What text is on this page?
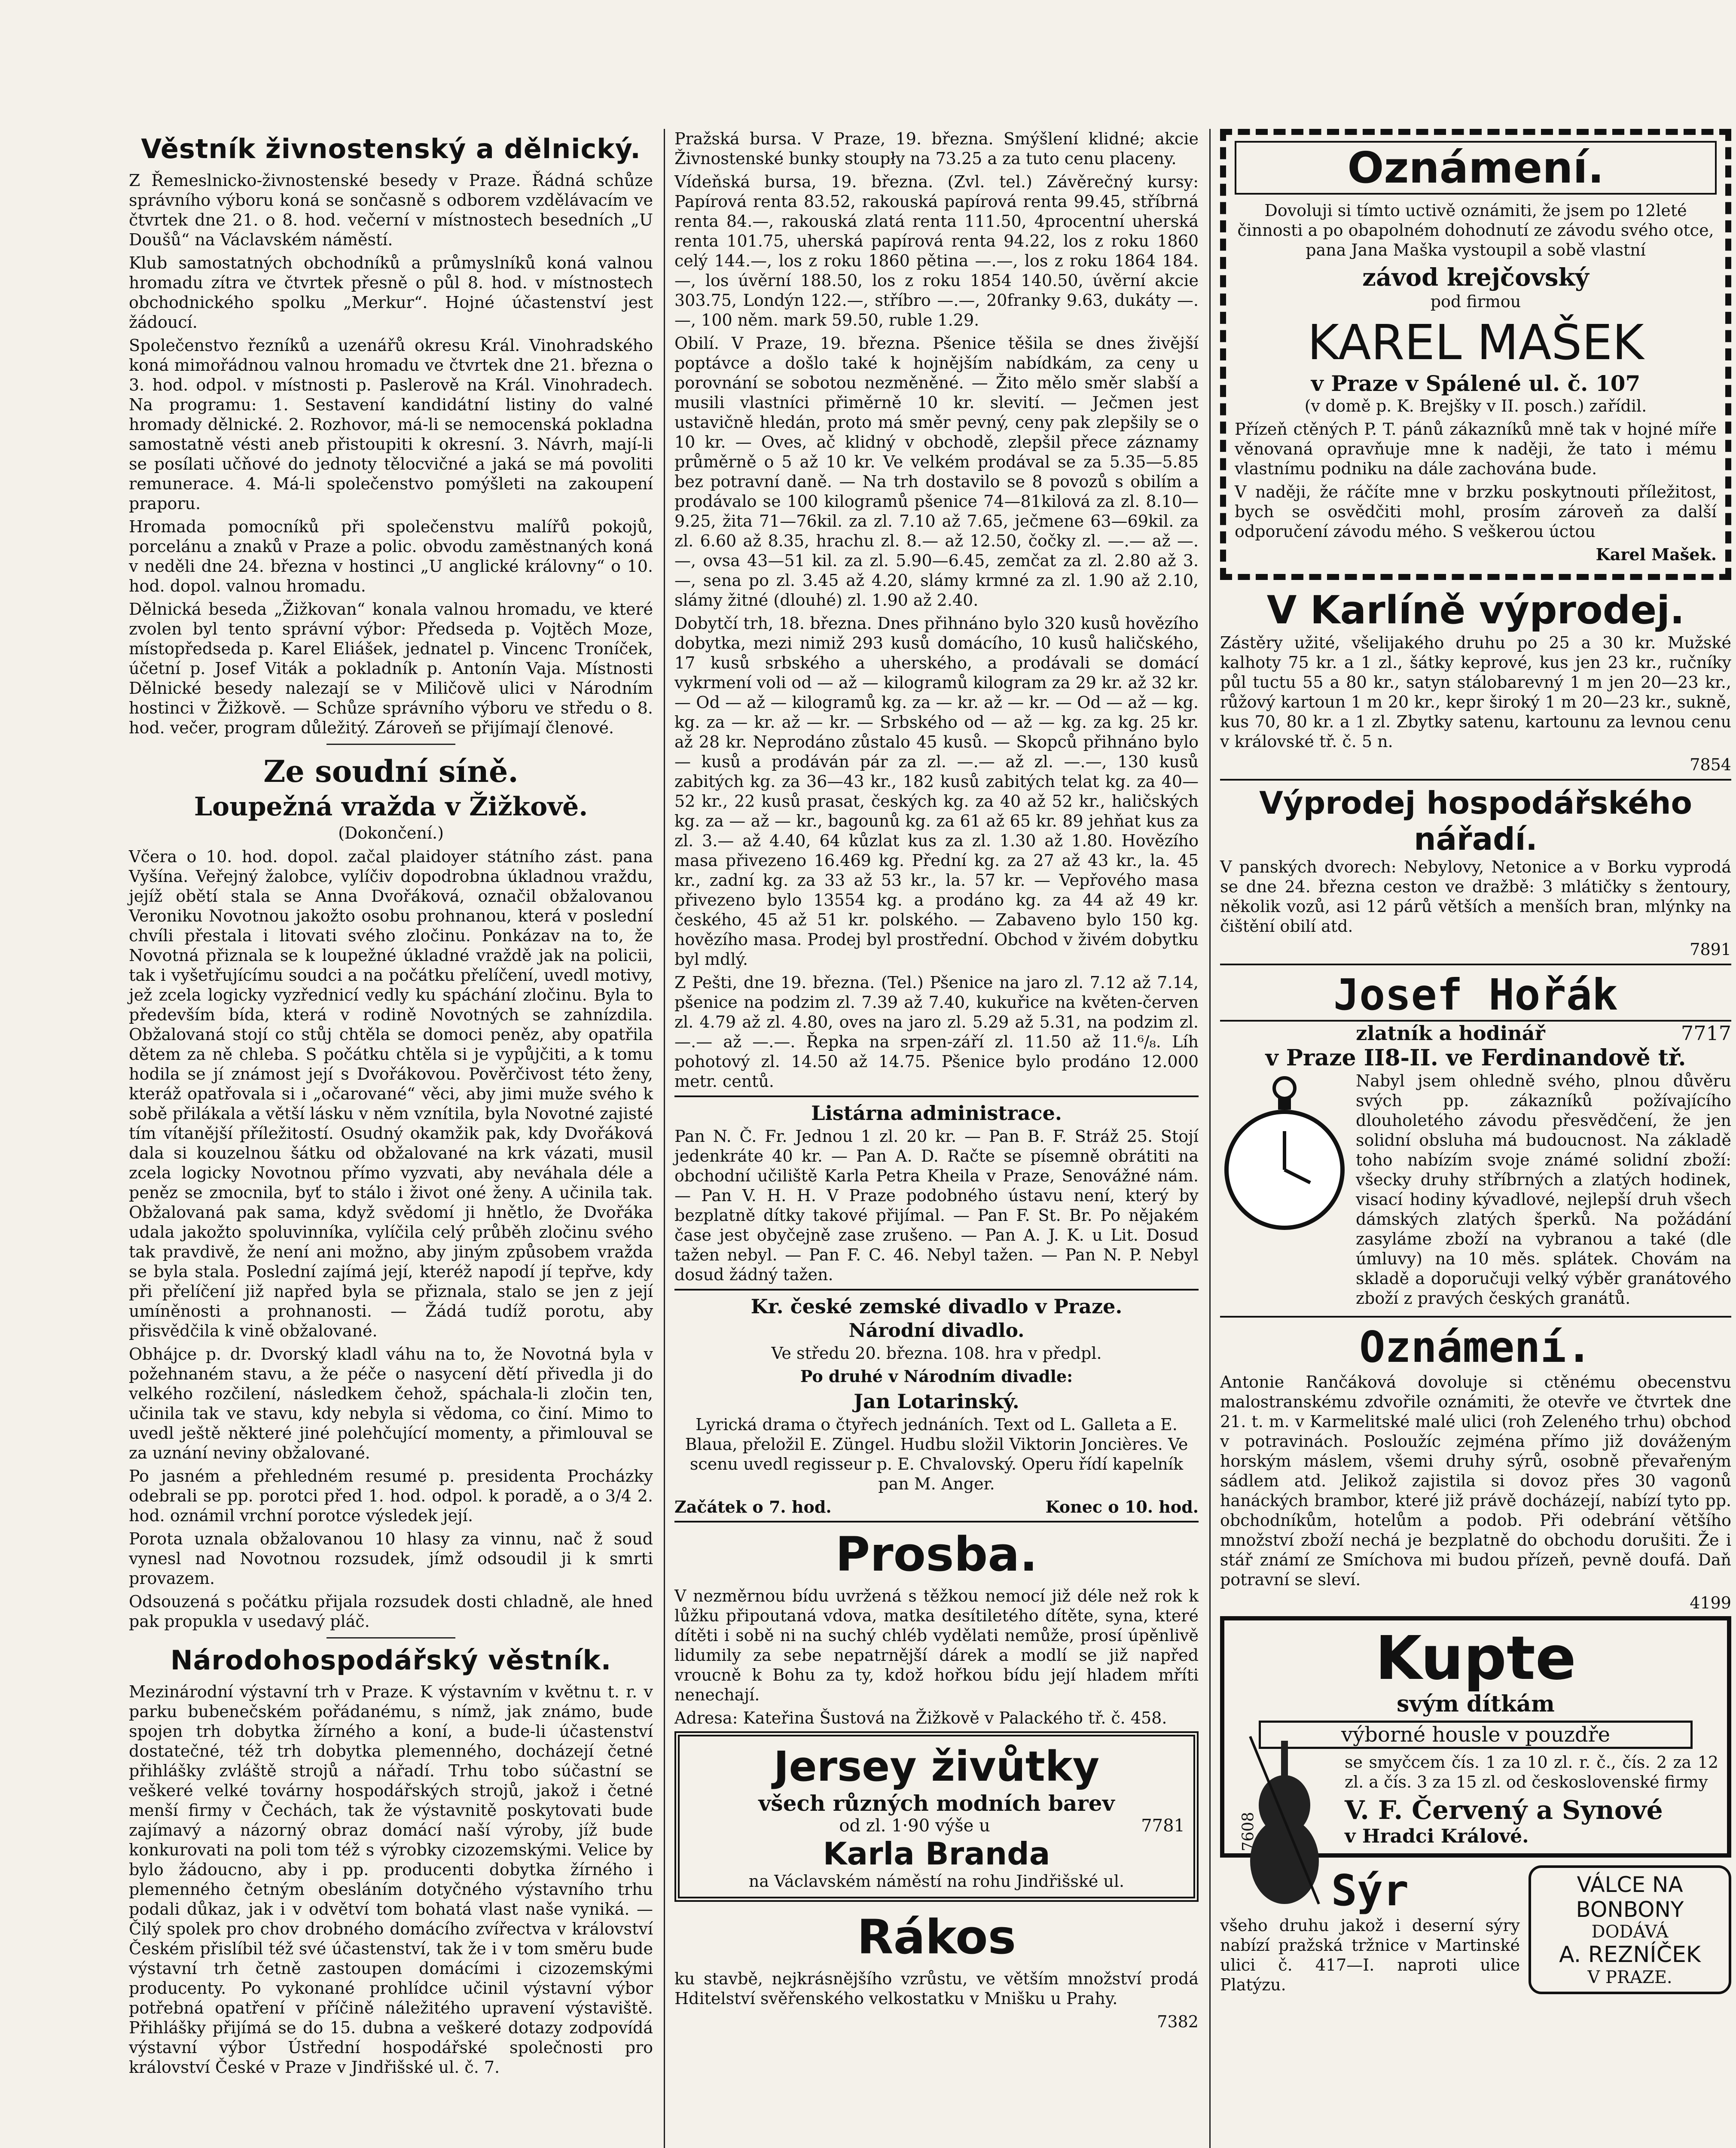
Věstník živnostenský a dělnický.

Z Řemeslnicko-živnostenské besedy v Praze. Řádná schůze správního výboru koná se sončasně s odborem vzdělávacím ve čtvrtek dne 21. o 8. hod. večerní v místnostech besedních „U Doušů“ na Václavském náměstí.

Klub samostatných obchodníků a průmyslníků koná valnou hromadu zítra ve čtvrtek přesně o půl 8. hod. v místnostech obchodnického spolku „Merkur“. Hojné účastenství jest žádoucí.

Společenstvo řezníků a uzenářů okresu Král. Vinohradského koná mimořádnou valnou hromadu ve čtvrtek dne 21. března o 3. hod. odpol. v místnosti p. Paslerově na Král. Vinohradech. Na programu: 1. Sestavení kandidátní listiny do valné hromady dělnické. 2. Rozhovor, má-li se nemocenská pokladna samostatně vésti aneb přistoupiti k okresní. 3. Návrh, mají-li se posílati učňové do jednoty tělocvičné a jaká se má povoliti remunerace. 4. Má-li společenstvo pomýšleti na zakoupení praporu.

Hromada pomocníků při společenstvu malířů pokojů, porcelánu a znaků v Praze a polic. obvodu zaměstnaných koná v neděli dne 24. března v hostinci „U anglické královny“ o 10. hod. dopol. valnou hromadu.

Dělnická beseda „Žižkovan“ konala valnou hromadu, ve které zvolen byl tento správní výbor: Předseda p. Vojtěch Moze, místopředseda p. Karel Eliášek, jednatel p. Vincenc Troníček, účetní p. Josef Viták a pokladník p. Antonín Vaja. Místnosti Dělnické besedy nalezají se v Miličově ulici v Národním hostinci v Žižkově. — Schůze správního výboru ve středu o 8. hod. večer, program důležitý. Zároveň se přijímají členové.

Ze soudní síně.
Loupežná vražda v Žižkově.
(Dokončení.)

Včera o 10. hod. dopol. začal plaidoyer státního zást. pana Vyšína. Veřejný žalobce, vylíčiv dopodrobna úkladnou vraždu, jejíž obětí stala se Anna Dvořáková, označil obžalovanou Veroniku Novotnou jakožto osobu prohnanou, která v poslední chvíli přestala i litovati svého zločinu. Ponkázav na to, že Novotná přiznala se k loupežné úkladné vraždě jak na policii, tak i vyšetřujícímu soudci a na počátku přelíčení, uvedl motivy, jež zcela logicky vyzřednicí vedly ku spáchání zločinu. Byla to především bída, která v rodině Novotných se zahnízdila. Obžalovaná stojí co stůj chtěla se domoci peněz, aby opatřila dětem za ně chleba. S počátku chtěla si je vypůjčiti, a k tomu hodila se jí známost její s Dvořákovou. Pověrčivost této ženy, kteráž opatřovala si i „očarované“ věci, aby jimi muže svého k sobě přilákala a větší lásku v něm vznítila, byla Novotné zajisté tím vítanější příležitostí. Osudný okamžik pak, kdy Dvořáková dala si kouzelnou šátku od obžalované na krk vázati, musil zcela logicky Novotnou přímo vyzvati, aby neváhala déle a peněz se zmocnila, byť to stálo i život oné ženy. A učinila tak. Obžalovaná pak sama, když svědomí ji hnětlo, že Dvořáka udala jakožto spoluvinníka, vylíčila celý průběh zločinu svého tak pravdivě, že není ani možno, aby jiným způsobem vražda se byla stala. Poslední zajímá její, kteréž napodí jí tepřve, kdy při přelíčení již napřed byla se přiznala, stalo se jen z její umíněnosti a prohnanosti. — Žádá tudíž porotu, aby přisvědčila k vině obžalované.

Obhájce p. dr. Dvorský kladl váhu na to, že Novotná byla v požehnaném stavu, a že péče o nasycení dětí přivedla ji do velkého rozčilení, následkem čehož, spáchala-li zločin ten, učinila tak ve stavu, kdy nebyla si vědoma, co činí. Mimo to uvedl ještě některé jiné polehčující momenty, a přimlouval se za uznání neviny obžalované.

Po jasném a přehledném resumé p. presidenta Procházky odebrali se pp. porotci před 1. hod. odpol. k poradě, a o 3/4 2. hod. oznámil vrchní porotce výsledek její.

Porota uznala obžalovanou 10 hlasy za vinnu, nač ž soud vynesl nad Novotnou rozsudek, jímž odsoudil ji k smrti provazem.

Odsouzená s počátku přijala rozsudek dosti chladně, ale hned pak propukla v usedavý pláč.

Národohospodářský věstník.

Mezinárodní výstavní trh v Praze. K výstavním v květnu t. r. v parku bubenečském pořádanému, s nímž, jak známo, bude spojen trh dobytka žírného a koní, a bude-li účastenství dostatečné, též trh dobytka plemenného, docházejí četné přihlášky zvláště strojů a nářadí. Trhu tobo súčastní se veškeré velké továrny hospodářských strojů, jakož i četné menší firmy v Čechách, tak že výstavnitě poskytovati bude zajímavý a názorný obraz domácí naší výroby, jíž bude konkurovati na poli tom též s výrobky cizozemskými. Velice by bylo žádoucno, aby i pp. producenti dobytka žírného i plemenného četným obesláním dotyčného výstavního trhu podali důkaz, jak i v odvětví tom bohatá vlast naše vyniká. — Čilý spolek pro chov drobného domácího zvířectva v království Českém přislíbil též své účastenství, tak že i v tom směru bude výstavní trh četně zastoupen domácími i cizozemskými producenty. Po vykonané prohlídce učinil výstavní výbor potřebná opatření v příčině náležitého upravení výstaviště. Přihlášky přijímá se do 15. dubna a veškeré dotazy zodpovídá výstavní výbor Ústřední hospodářské společnosti pro království České v Praze v Jindřišské ul. č. 7.

Pražská bursa. V Praze, 19. března. Smýšlení klidné; akcie Živnostenské bunky stoupły na 73.25 a za tuto cenu placeny.

Vídeňská bursa, 19. března. (Zvl. tel.) Závěrečný kursy: Papírová renta 83.52, rakouská papírová renta 99.45, stříbrná renta 84.—, rakouská zlatá renta 111.50, 4procentní uherská renta 101.75, uherská papírová renta 94.22, los z roku 1860 celý 144.—, los z roku 1860 pětina —.—, los z roku 1864 184.—, los úvěrní 188.50, los z roku 1854 140.50, úvěrní akcie 303.75, Londýn 122.—, stříbro —.—, 20franky 9.63, dukáty —.—, 100 něm. mark 59.50, ruble 1.29.

Obilí. V Praze, 19. března. Pšenice těšila se dnes živější poptávce a došlo také k hojnějším nabídkám, za ceny u porovnání se sobotou nezměněné. — Žito mělo směr slabší a musili vlastníci přiměrně 10 kr. slevití. — Ječmen jest ustavičně hledán, proto má směr pevný, ceny pak zlepšily se o 10 kr. — Oves, ač klidný v obchodě, zlepšil přece záznamy průměrně o 5 až 10 kr. Ve velkém prodával se za 5.35—5.85 bez potravní daně. — Na trh dostavilo se 8 povozů s obilím a prodávalo se 100 kilogramů pšenice 74—81kilová za zl. 8.10—9.25, žita 71—76kil. za zl. 7.10 až 7.65, ječmene 63—69kil. za zl. 6.60 až 8.35, hrachu zl. 8.— až 12.50, čočky zl. —.— až —.—, ovsa 43—51 kil. za zl. 5.90—6.45, zemčat za zl. 2.80 až 3.—, sena po zl. 3.45 až 4.20, slámy krmné za zl. 1.90 až 2.10, slámy žitné (dlouhé) zl. 1.90 až 2.40.

Dobytčí trh, 18. března. Dnes přihnáno bylo 320 kusů hovězího dobytka, mezi nimiž 293 kusů domácího, 10 kusů haličského, 17 kusů srbského a uherského, a prodávali se domácí vykrmení voli od — až — kilogramů kilogram za 29 kr. až 32 kr. — Od — až — kilogramů kg. za — kr. až — kr. — Od — až — kg. kg. za — kr. až — kr. — Srbského od — až — kg. za kg. 25 kr. až 28 kr. Neprodáno zůstalo 45 kusů. — Skopců přihnáno bylo — kusů a prodáván pár za zl. —.— až zl. —.—, 130 kusů zabitých kg. za 36—43 kr., 182 kusů zabitých telat kg. za 40—52 kr., 22 kusů prasat, českých kg. za 40 až 52 kr., haličských kg. za — až — kr., bagounů kg. za 61 až 65 kr. 89 jehňat kus za zl. 3.— až 4.40, 64 kůzlat kus za zl. 1.30 až 1.80. Hovězího masa přivezeno 16.469 kg. Přední kg. za 27 až 43 kr., la. 45 kr., zadní kg. za 33 až 53 kr., la. 57 kr. — Vepřového masa přivezeno bylo 13554 kg. a prodáno kg. za 44 až 49 kr. českého, 45 až 51 kr. polského. — Zabaveno bylo 150 kg. hovězího masa. Prodej byl prostřední. Obchod v živém dobytku byl mdlý.

Z Pešti, dne 19. března. (Tel.) Pšenice na jaro zl. 7.12 až 7.14, pšenice na podzim zl. 7.39 až 7.40, kukuřice na květen-červen zl. 4.79 až zl. 4.80, oves na jaro zl. 5.29 až 5.31, na podzim zl. —.— až —.—. Řepka na srpen-září zl. 11.50 až 11.⁶/₈. Líh pohotový zl. 14.50 až 14.75. Pšenice bylo prodáno 12.000 metr. centů.

Listárna administrace.

Pan N. Č. Fr. Jednou 1 zl. 20 kr. — Pan B. F. Stráž 25. Stojí jedenkráte 40 kr. — Pan A. D. Račte se písemně obrátiti na obchodní učiliště Karla Petra Kheila v Praze, Senovážné nám. — Pan V. H. H. V Praze podobného ústavu není, který by bezplatně dítky takové přijímal. — Pan F. St. Br. Po nějakém čase jest obyčejně zase zrušeno. — Pan A. J. K. u Lit. Dosud tažen nebyl. — Pan F. C. 46. Nebyl tažen. — Pan N. P. Nebyl dosud žádný tažen.

Kr. české zemské divadlo v Praze.
Národní divadlo.

Ve středu 20. března. 108. hra v předpl.

Po druhé v Národním divadle:

Jan Lotarinský.

Lyrická drama o čtyřech jednáních. Text od L. Galleta a E. Blaua, přeložil E. Züngel. Hudbu složil Viktorin Joncières. Ve scenu uvedl regisseur p. E. Chvalovský. Operu řídí kapelník pan M. Anger.

Začátek o 7. hod.	Konec o 10. hod.
Prosba.

V nezměrnou bídu uvržená s těžkou nemocí již déle než rok k lůžku připoutaná vdova, matka desítiletého dítěte, syna, které dítěti i sobě ni na suchý chléb vydělati nemůže, prosí úpěnlivě lidumily za sebe nepatrnější dárek a modlí se již napřed vroucně k Bohu za ty, kdož hořkou bídu její hladem mříti nenechají.

Adresa: Kateřina Šustová na Žižkově v Palackého tř. č. 458.

Jersey živůtky
všech různých modních barev
od zl. 1·90 výše u	7781
Karla Branda
na Václavském náměstí na rohu Jindřišské ul.
Rákos

ku stavbě, nejkrásnějšího vzrůstu, ve větším množství prodá Hditelství svěřenského velkostatku v Mnišku u Prahy.

7382

Oznámení.

Dovoluji si tímto uctivě oznámiti, že jsem po 12leté činnosti a po obapolném dohodnutí ze závodu svého otce, pana Jana Maška vystoupil a sobě vlastní

závod krejčovský

pod firmou

KAREL MAŠEK
v Praze v Spálené ul. č. 107

(v domě p. K. Brejšky v II. posch.) zařídil.

Přízeň ctěných P. T. pánů zákazníků mně tak v hojné míře věnovaná opravňuje mne k naději, že tato i mému vlastnímu podniku na dále zachována bude.

V naději, že ráčíte mne v brzku poskytnouti příležitost, bych se osvědčiti mohl, prosím zároveň za další odporučení závodu mého. S veškerou úctou

Karel Mašek.

V Karlíně výprodej.

Zástěry užité, všelijakého druhu po 25 a 30 kr. Mužské kalhoty 75 kr. a 1 zl., šátky keprové, kus jen 23 kr., ručníky půl tuctu 55 a 80 kr., satyn stálobarevný 1 m jen 20—23 kr., růžový kartoun 1 m 20 kr., kepr široký 1 m 20—23 kr., sukně, kus 70, 80 kr. a 1 zl. Zbytky satenu, kartounu za levnou cenu v královské tř. č. 5 n.

7854

Výprodej hospodářského nářadí.

V panských dvorech: Nebylovy, Netonice a v Borku vyprodá se dne 24. března ceston ve dražbě: 3 mlátičky s žentoury, několik vozů, asi 12 párů větších a menších bran, mlýnky na čištění obilí atd.

7891

Josef Hořák
zlatník a hodinář	7717
v Praze II8-II. ve Ferdinandově tř.

Nabyl jsem ohledně svého, plnou důvěru svých pp. zákazníků požívajícího dlouholetého závodu přesvědčení, že jen solidní obsluha má budoucnost. Na základě toho nabízím svoje známé solidní zboží: všecky druhy stříbrných a zlatých hodinek, visací hodiny kývadlové, nejlepší druh všech dámských zlatých šperků. Na požádání zasyláme zboží na vybranou a také (dle úmluvy) na 10 měs. splátek. Chovám na skladě a doporučuji velký výběr granátového zboží z pravých českých granátů.

Oznámení.

Antonie Rančáková dovoluje si ctěnému obecenstvu malostranskému zdvořile oznámiti, že otevře ve čtvrtek dne 21. t. m. v Karmelitské malé ulici (roh Zeleného trhu) obchod v potravinách. Posloužíc zejména přímo již dováženým horským máslem, všemi druhy sýrů, osobně převařeným sádlem atd. Jelikož zajistila si dovoz přes 30 vagonů hanáckých brambor, které již právě docházejí, nabízí tyto pp. obchodníkům, hotelům a podob. Při odebrání většího množství zboží nechá je bezplatně do obchodu dorušiti. Že i stář známí ze Smíchova mi budou přízeň, pevně doufá. Daň potravní se sleví.

4199

Kupte
svým dítkám
výborné housle v pouzdře

se smyčcem čís. 1 za 10 zl. r. č., čís. 2 za 12 zl. a čís. 3 za 15 zl. od československé firmy

V. F. Červený a Synové
v Hradci Králové.
7608
Sýr

všeho druhu jakož i deserní sýry nabízí pražská tržnice v Martinské ulici č. 417—I. naproti ulice Platýzu.

VÁLCE NA BONBONY
DODÁVÁ
A. REZNÍČEK
V PRAZE.
